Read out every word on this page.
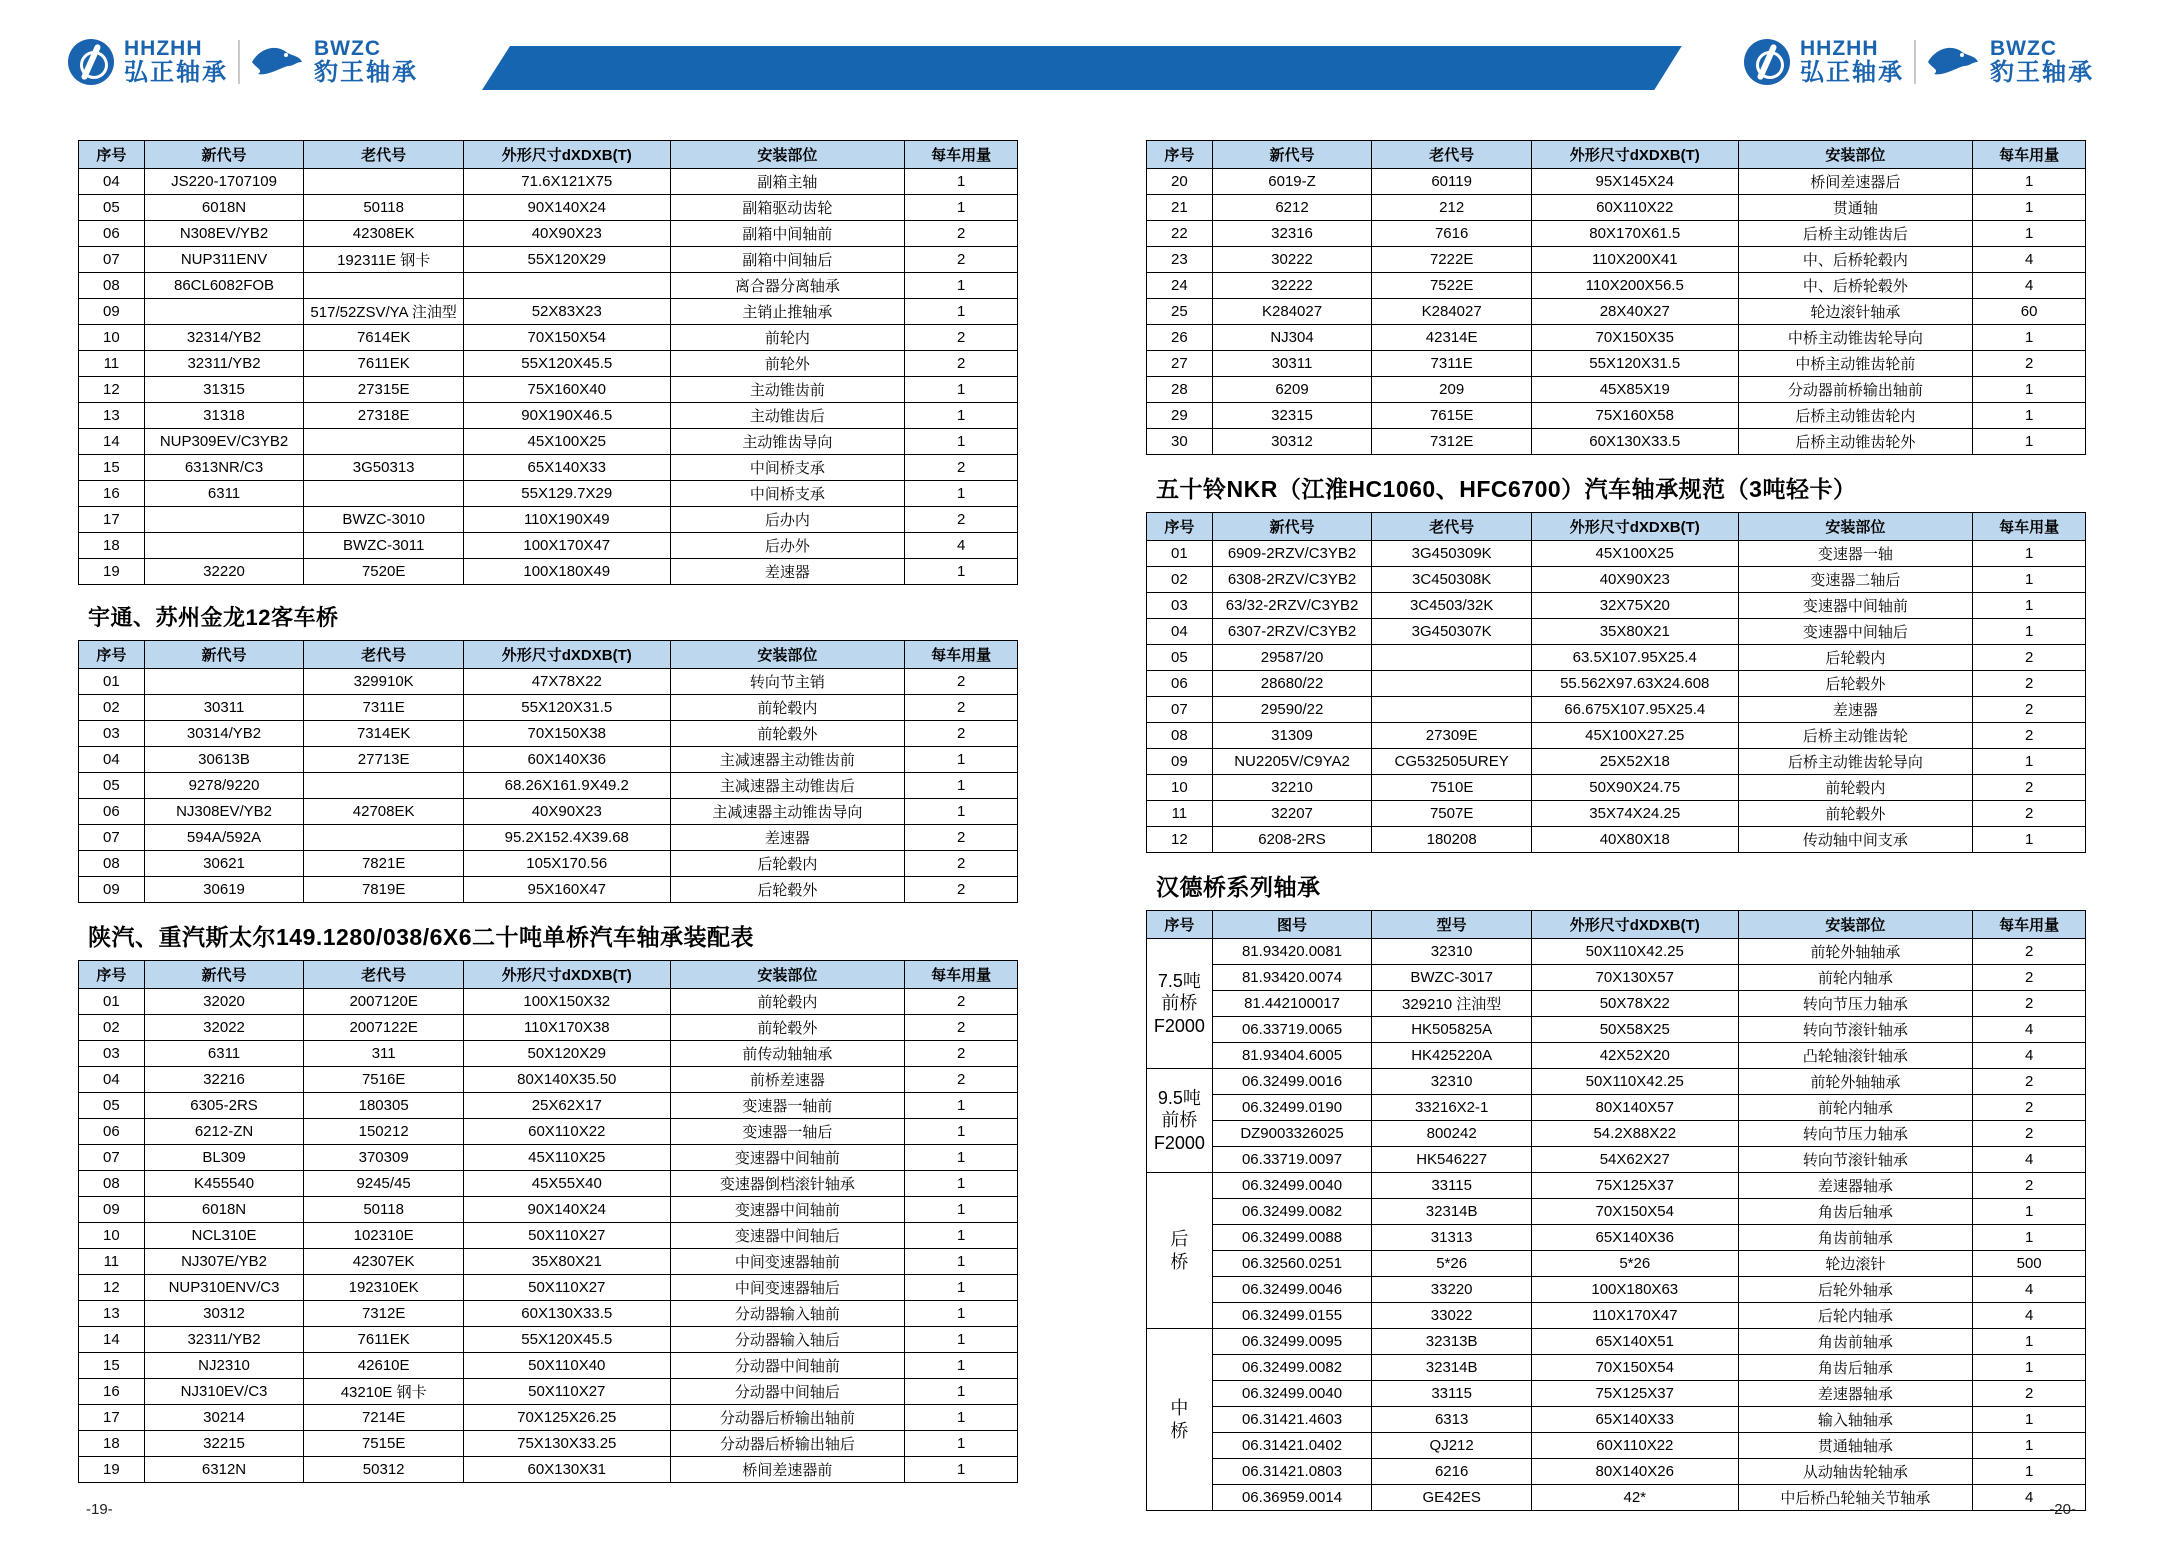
HHZHH
弘正轴承
BWZC
豹王轴承
100%车用轴承专家	100%车用轴承专家
HHZHH
弘正轴承
BWZC
豹王轴承
序号	新代号	老代号	外形尺寸dXDXB(T)	安装部位	每车用量
04	JS220-1707109		71.6X121X75	副箱主轴	1
05	6018N	50118	90X140X24	副箱驱动齿轮	1
06	N308EV/YB2	42308EK	40X90X23	副箱中间轴前	2
07	NUP311ENV	192311E 钢卡	55X120X29	副箱中间轴后	2
08	86CL6082FOB			离合器分离轴承	1
09		517/52ZSV/YA 注油型	52X83X23	主销止推轴承	1
10	32314/YB2	7614EK	70X150X54	前轮内	2
11	32311/YB2	7611EK	55X120X45.5	前轮外	2
12	31315	27315E	75X160X40	主动锥齿前	1
13	31318	27318E	90X190X46.5	主动锥齿后	1
14	NUP309EV/C3YB2		45X100X25	主动锥齿导向	1
15	6313NR/C3	3G50313	65X140X33	中间桥支承	2
16	6311		55X129.7X29	中间桥支承	1
17		BWZC-3010	110X190X49	后办内	2
18		BWZC-3011	100X170X47	后办外	4
19	32220	7520E	100X180X49	差速器	1
宇通、苏州金龙12客车桥
序号	新代号	老代号	外形尺寸dXDXB(T)	安装部位	每车用量
01		329910K	47X78X22	转向节主销	2
02	30311	7311E	55X120X31.5	前轮毂内	2
03	30314/YB2	7314EK	70X150X38	前轮毂外	2
04	30613B	27713E	60X140X36	主减速器主动锥齿前	1
05	9278/9220		68.26X161.9X49.2	主减速器主动锥齿后	1
06	NJ308EV/YB2	42708EK	40X90X23	主减速器主动锥齿导向	1
07	594A/592A		95.2X152.4X39.68	差速器	2
08	30621	7821E	105X170.56	后轮毂内	2
09	30619	7819E	95X160X47	后轮毂外	2
陕汽、重汽斯太尔149.1280/038/6X6二十吨单桥汽车轴承装配表
序号	新代号	老代号	外形尺寸dXDXB(T)	安装部位	每车用量
01	32020	2007120E	100X150X32	前轮毂内	2
02	32022	2007122E	110X170X38	前轮毂外	2
03	6311	311	50X120X29	前传动轴轴承	2
04	32216	7516E	80X140X35.50	前桥差速器	2
05	6305-2RS	180305	25X62X17	变速器一轴前	1
06	6212-ZN	150212	60X110X22	变速器一轴后	1
07	BL309	370309	45X110X25	变速器中间轴前	1
08	K455540	9245/45	45X55X40	变速器倒档滚针轴承	1
09	6018N	50118	90X140X24	变速器中间轴前	1
10	NCL310E	102310E	50X110X27	变速器中间轴后	1
11	NJ307E/YB2	42307EK	35X80X21	中间变速器轴前	1
12	NUP310ENV/C3	192310EK	50X110X27	中间变速器轴后	1
13	30312	7312E	60X130X33.5	分动器输入轴前	1
14	32311/YB2	7611EK	55X120X45.5	分动器输入轴后	1
15	NJ2310	42610E	50X110X40	分动器中间轴前	1
16	NJ310EV/C3	43210E 钢卡	50X110X27	分动器中间轴后	1
17	30214	7214E	70X125X26.25	分动器后桥输出轴前	1
18	32215	7515E	75X130X33.25	分动器后桥输出轴后	1
19	6312N	50312	60X130X31	桥间差速器前	1
序号	新代号	老代号	外形尺寸dXDXB(T)	安装部位	每车用量
20	6019-Z	60119	95X145X24	桥间差速器后	1
21	6212	212	60X110X22	贯通轴	1
22	32316	7616	80X170X61.5	后桥主动锥齿后	1
23	30222	7222E	110X200X41	中、后桥轮毂内	4
24	32222	7522E	110X200X56.5	中、后桥轮毂外	4
25	K284027	K284027	28X40X27	轮边滚针轴承	60
26	NJ304	42314E	70X150X35	中桥主动锥齿轮导向	1
27	30311	7311E	55X120X31.5	中桥主动锥齿轮前	2
28	6209	209	45X85X19	分动器前桥输出轴前	1
29	32315	7615E	75X160X58	后桥主动锥齿轮内	1
30	30312	7312E	60X130X33.5	后桥主动锥齿轮外	1
五十铃NKR（江淮HC1060、HFC6700）汽车轴承规范（3吨轻卡）
序号	新代号	老代号	外形尺寸dXDXB(T)	安装部位	每车用量
01	6909-2RZV/C3YB2	3G450309K	45X100X25	变速器一轴	1
02	6308-2RZV/C3YB2	3C450308K	40X90X23	变速器二轴后	1
03	63/32-2RZV/C3YB2	3C4503/32K	32X75X20	变速器中间轴前	1
04	6307-2RZV/C3YB2	3G450307K	35X80X21	变速器中间轴后	1
05	29587/20		63.5X107.95X25.4	后轮毂内	2
06	28680/22		55.562X97.63X24.608	后轮毂外	2
07	29590/22		66.675X107.95X25.4	差速器	2
08	31309	27309E	45X100X27.25	后桥主动锥齿轮	2
09	NU2205V/C9YA2	CG532505UREY	25X52X18	后桥主动锥齿轮导向	1
10	32210	7510E	50X90X24.75	前轮毂内	2
11	32207	7507E	35X74X24.25	前轮毂外	2
12	6208-2RS	180208	40X80X18	传动轴中间支承	1
汉德桥系列轴承
序号	图号	型号	外形尺寸dXDXB(T)	安装部位	每车用量
7.5吨
前桥
F2000	81.93420.0081	32310	50X110X42.25	前轮外轴轴承	2
	81.93420.0074	BWZC-3017	70X130X57	前轮内轴承	2
	81.442100017	329210 注油型	50X78X22	转向节压力轴承	2
	06.33719.0065	HK505825A	50X58X25	转向节滚针轴承	4
	81.93404.6005	HK425220A	42X52X20	凸轮轴滚针轴承	4
9.5吨
前桥
F2000	06.32499.0016	32310	50X110X42.25	前轮外轴轴承	2
	06.32499.0190	33216X2-1	80X140X57	前轮内轴承	2
	DZ9003326025	800242	54.2X88X22	转向节压力轴承	2
	06.33719.0097	HK546227	54X62X27	转向节滚针轴承	4
后
桥	06.32499.0040	33115	75X125X37	差速器轴承	2
	06.32499.0082	32314B	70X150X54	角齿后轴承	1
	06.32499.0088	31313	65X140X36	角齿前轴承	1
	06.32560.0251	5*26	5*26	轮边滚针	500
	06.32499.0046	33220	100X180X63	后轮外轴承	4
	06.32499.0155	33022	110X170X47	后轮内轴承	4
中
桥	06.32499.0095	32313B	65X140X51	角齿前轴承	1
	06.32499.0082	32314B	70X150X54	角齿后轴承	1
	06.32499.0040	33115	75X125X37	差速器轴承	2
	06.31421.4603	6313	65X140X33	输入轴轴承	1
	06.31421.0402	QJ212	60X110X22	贯通轴轴承	1
	06.31421.0803	6216	80X140X26	从动轴齿轮轴承	1
	06.36959.0014	GE42ES	42*	中后桥凸轮轴关节轴承	4
-19-	-20-
